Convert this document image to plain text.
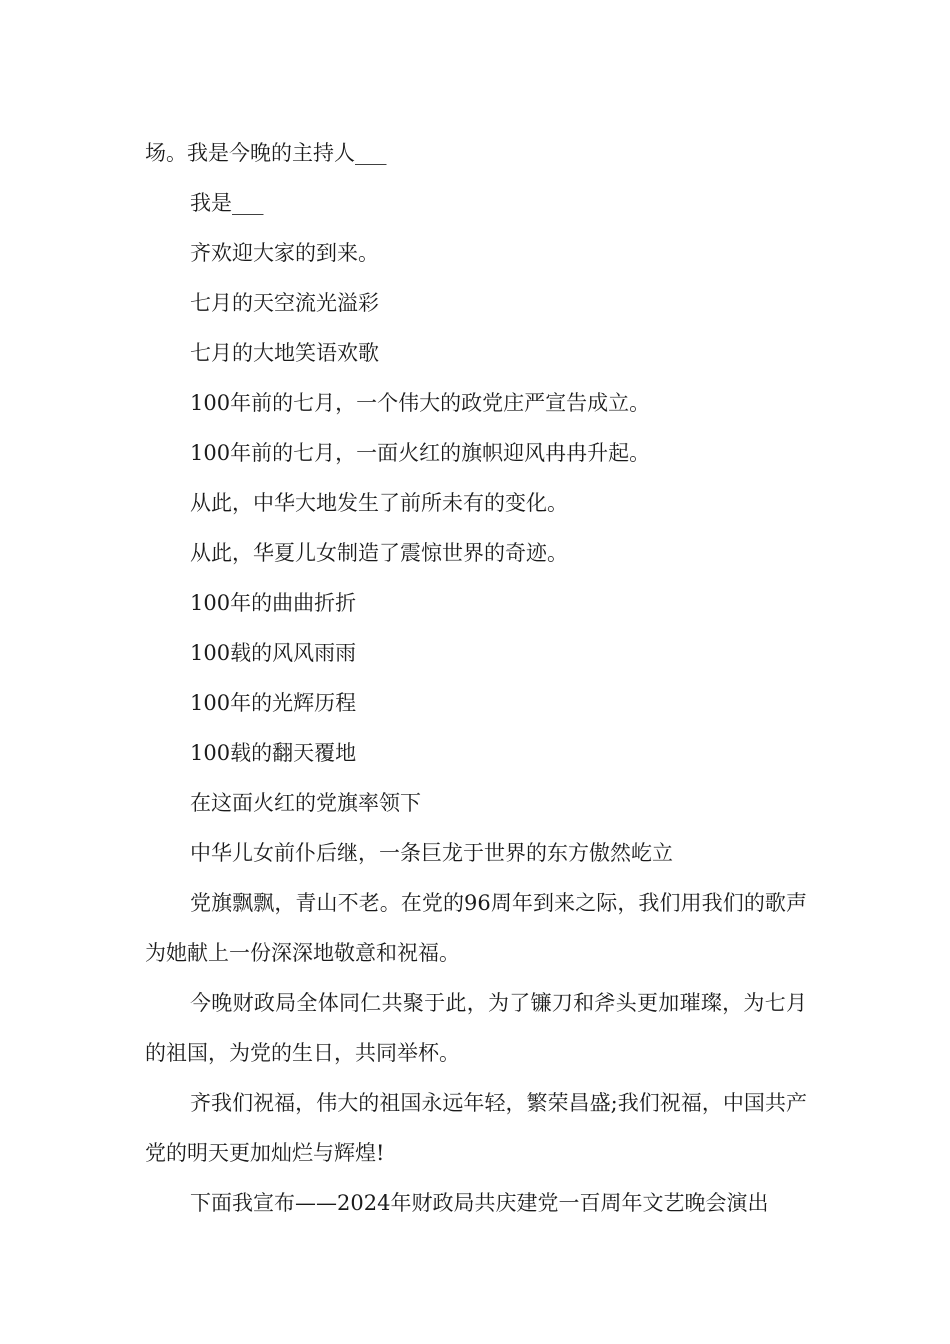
场。我是今晚的主持人___

我是___

齐欢迎大家的到来。

七月的天空流光溢彩

七月的大地笑语欢歌

100年前的七月，一个伟大的政党庄严宣告成立。

100年前的七月，一面火红的旗帜迎风冉冉升起。

从此，中华大地发生了前所未有的变化。

从此，华夏儿女制造了震惊世界的奇迹。

100年的曲曲折折

100载的风风雨雨

100年的光辉历程

100载的翻天覆地

在这面火红的党旗率领下

中华儿女前仆后继，一条巨龙于世界的东方傲然屹立

党旗飘飘，青山不老。在党的96周年到来之际，我们用我们的歌声为她献上一份深深地敬意和祝福。

今晚财政局全体同仁共聚于此，为了镰刀和斧头更加璀璨，为七月的祖国，为党的生日，共同举杯。

齐我们祝福，伟大的祖国永远年轻，繁荣昌盛;我们祝福，中国共产党的明天更加灿烂与辉煌!

下面我宣布——2024年财政局共庆建党一百周年文艺晚会演出
